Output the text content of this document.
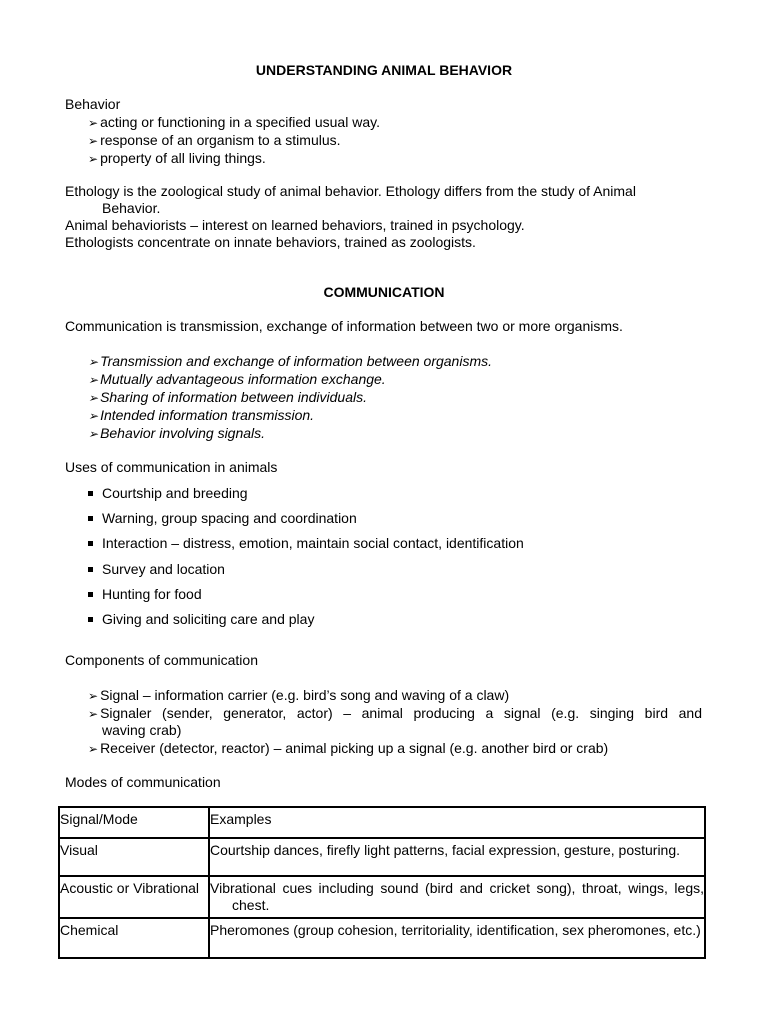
UNDERSTANDING ANIMAL BEHAVIOR
Behavior
➢ acting or functioning in a specified usual way.
➢ response of an organism to a stimulus.
➢ property of all living things.
Ethology is the zoological study of animal behavior. Ethology differs from the study of Animal
Behavior.
Animal behaviorists – interest on learned behaviors, trained in psychology.
Ethologists concentrate on innate behaviors, trained as zoologists.
COMMUNICATION
Communication is transmission, exchange of information between two or more organisms.
➢ Transmission and exchange of information between organisms.
➢ Mutually advantageous information exchange.
➢ Sharing of information between individuals.
➢ Intended information transmission.
➢ Behavior involving signals.
Uses of communication in animals
Courtship and breeding
Warning, group spacing and coordination
Interaction – distress, emotion, maintain social contact, identification
Survey and location
Hunting for food
Giving and soliciting care and play
Components of communication
➢ Signal – information carrier (e.g. bird’s song and waving of a claw)
➢ Signaler (sender, generator, actor) – animal producing a signal (e.g. singing bird and
waving crab)
➢ Receiver (detector, reactor) – animal picking up a signal (e.g. another bird or crab)
Modes of communication
Signal/Mode	Examples

Visual	Courtship dances, firefly light patterns, facial expression, gesture, posturing.

Acoustic or Vibrational	Vibrational cues including sound (bird and cricket song), throat, wings, legs, chest.

Chemical	Pheromones (group cohesion, territoriality, identification, sex pheromones, etc.)
